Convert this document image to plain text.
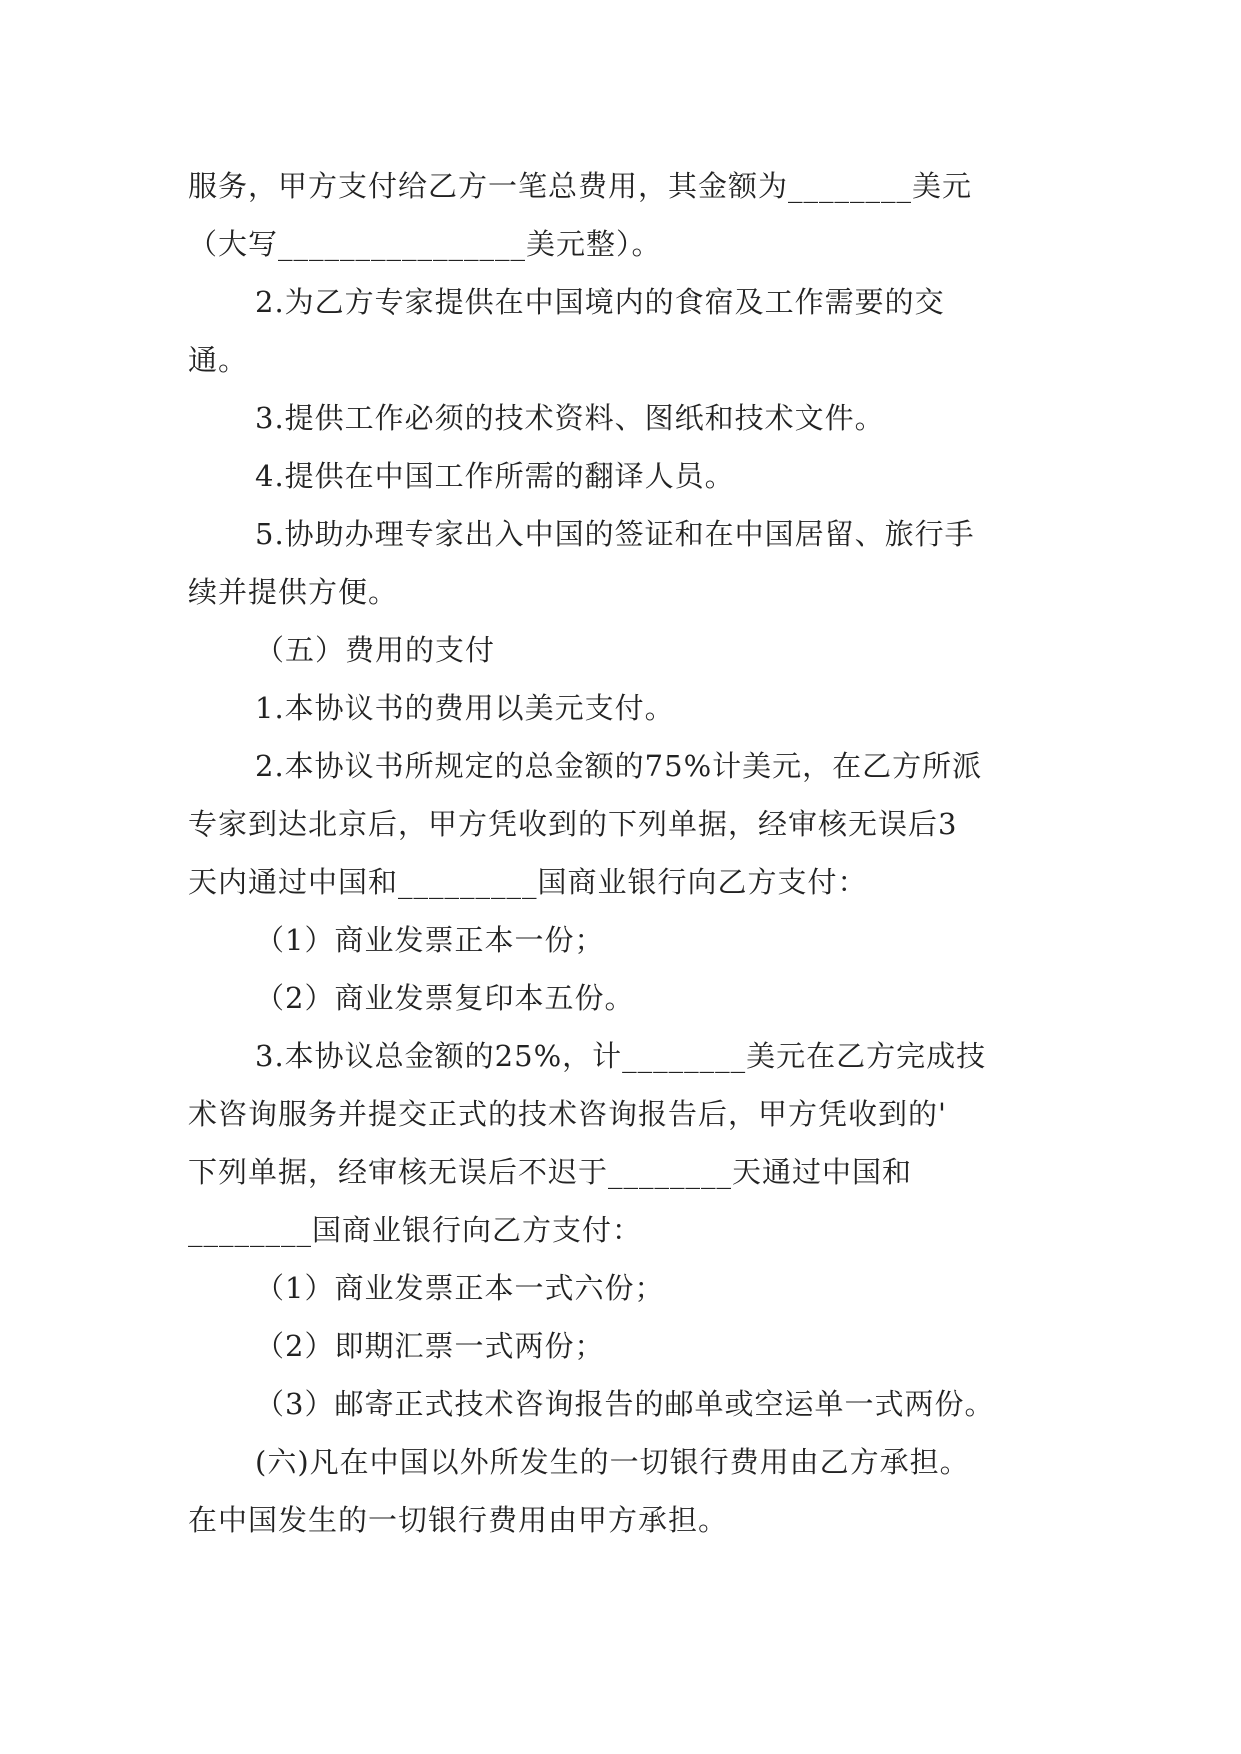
服务，甲方支付给乙方一笔总费用，其金额为________美元
（大写________________美元整）。
2.为乙方专家提供在中国境内的食宿及工作需要的交
通。
3.提供工作必须的技术资料、图纸和技术文件。
4.提供在中国工作所需的翻译人员。
5.协助办理专家出入中国的签证和在中国居留、旅行手
续并提供方便。
（五）费用的支付
1.本协议书的费用以美元支付。
2.本协议书所规定的总金额的75%计美元，在乙方所派
专家到达北京后，甲方凭收到的下列单据，经审核无误后3
天内通过中国和_________国商业银行向乙方支付：
（1）商业发票正本一份；
（2）商业发票复印本五份。
3.本协议总金额的25%，计________美元在乙方完成技
术咨询服务并提交正式的技术咨询报告后，甲方凭收到的'
下列单据，经审核无误后不迟于________天通过中国和
________国商业银行向乙方支付：
（1）商业发票正本一式六份；
（2）即期汇票一式两份；
（3）邮寄正式技术咨询报告的邮单或空运单一式两份。
(六)凡在中国以外所发生的一切银行费用由乙方承担。
在中国发生的一切银行费用由甲方承担。
